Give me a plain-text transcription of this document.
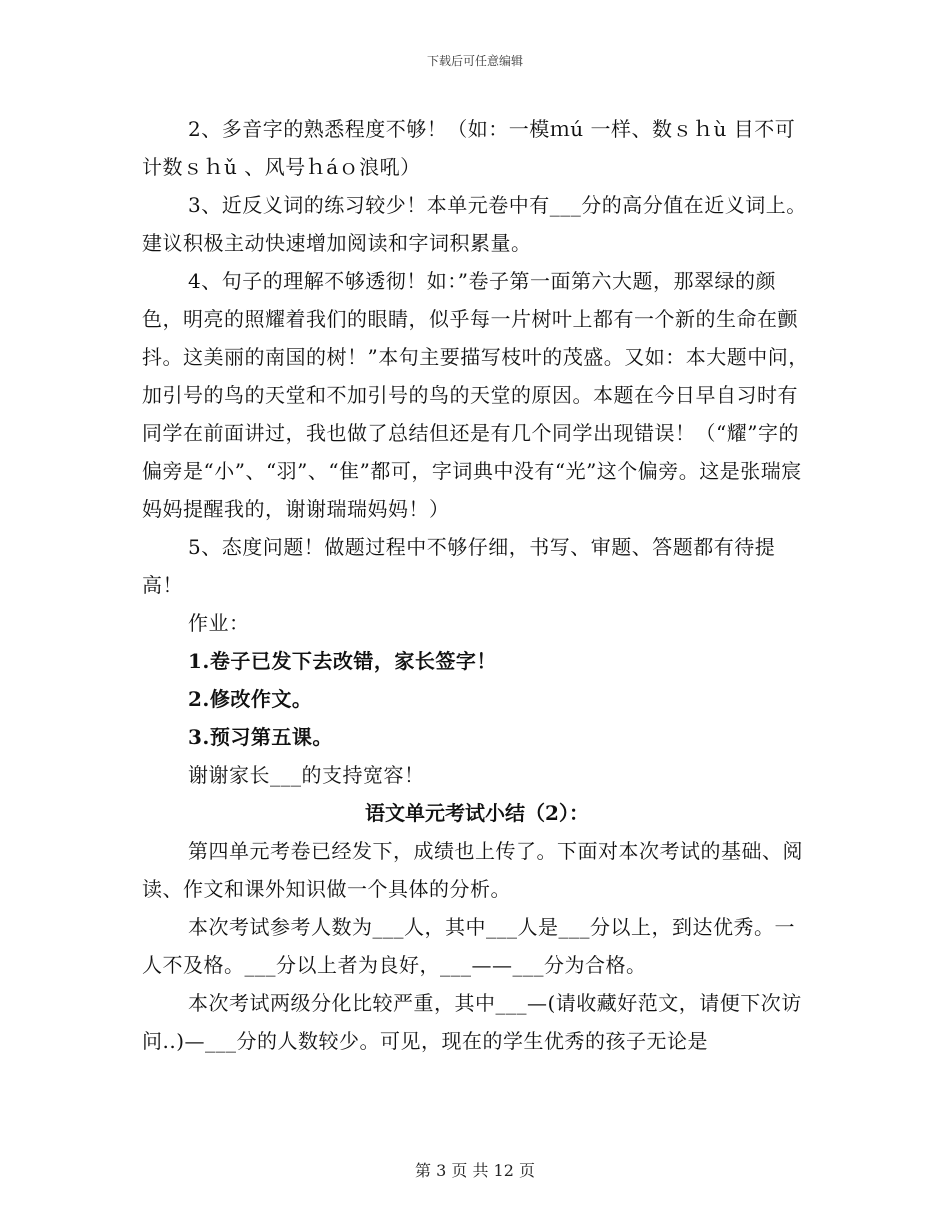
下载后可任意编辑

2、多音字的熟悉程度不够！（如：一模ｍú 一样、数ｓｈù 目不可计数ｓｈǔ 、风号ｈáｏ浪吼）

3、近反义词的练习较少！本单元卷中有___分的高分值在近义词上。建议积极主动快速增加阅读和字词积累量。

4、句子的理解不够透彻！如：”卷子第一面第六大题，那翠绿的颜色，明亮的照耀着我们的眼睛，似乎每一片树叶上都有一个新的生命在颤抖。这美丽的南国的树！”本句主要描写枝叶的茂盛。又如：本大题中问，加引号的鸟的天堂和不加引号的鸟的天堂的原因。本题在今日早自习时有同学在前面讲过，我也做了总结但还是有几个同学出现错误！（“耀”字的偏旁是“小”、“羽”、“隹”都可，字词典中没有“光”这个偏旁。这是张瑞宸妈妈提醒我的，谢谢瑞瑞妈妈！）

5、态度问题！做题过程中不够仔细，书写、审题、答题都有待提高！

作业：

1.卷子已发下去改错，家长签字！

2.修改作文。

3.预习第五课。

谢谢家长___的支持宽容！

语文单元考试小结（2）：

第四单元考卷已经发下，成绩也上传了。下面对本次考试的基础、阅读、作文和课外知识做一个具体的分析。

本次考试参考人数为___人，其中___人是___分以上，到达优秀。一人不及格。___分以上者为良好，___——___分为合格。

本次考试两级分化比较严重，其中___—(请收藏好范文，请便下次访问..)—___分的人数较少。可见，现在的学生优秀的孩子无论是

第 3 页 共 12 页
